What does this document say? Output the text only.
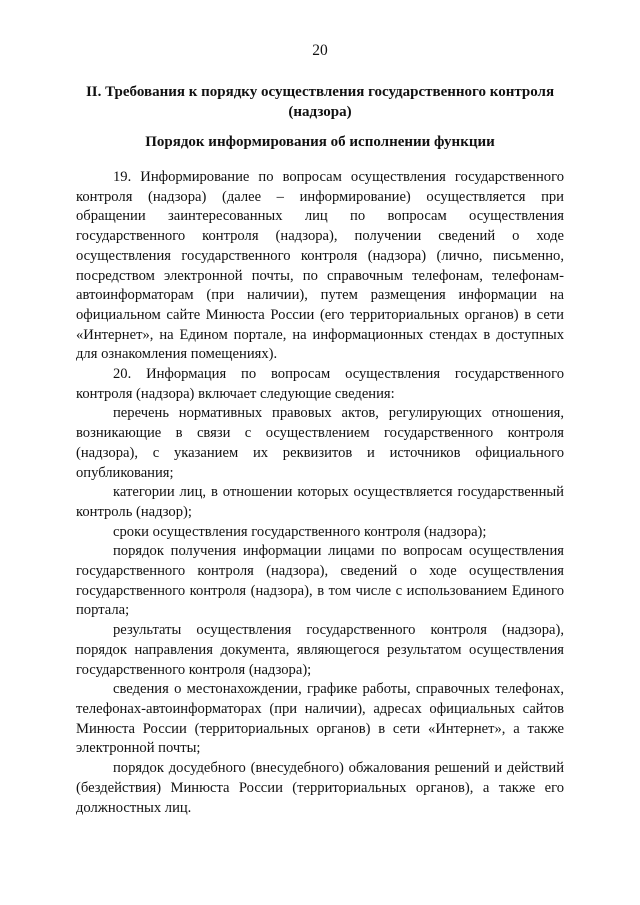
20
II. Требования к порядку осуществления государственного контроля (надзора)
Порядок информирования об исполнении функции

19. Информирование по вопросам осуществления государственного контроля (надзора) (далее – информирование) осуществляется при обращении заинтересованных лиц по вопросам осуществления государственного контроля (надзора), получении сведений о ходе осуществления государственного контроля (надзора) (лично, письменно, посредством электронной почты, по справочным телефонам, телефонам-автоинформаторам (при наличии), путем размещения информации на официальном сайте Минюста России (его территориальных органов) в сети «Интернет», на Едином портале, на информационных стендах в доступных для ознакомления помещениях).

20. Информация по вопросам осуществления государственного контроля (надзора) включает следующие сведения:

перечень нормативных правовых актов, регулирующих отношения, возникающие в связи с осуществлением государственного контроля (надзора), с указанием их реквизитов и источников официального опубликования;

категории лиц, в отношении которых осуществляется государственный контроль (надзор);

сроки осуществления государственного контроля (надзора);

порядок получения информации лицами по вопросам осуществления государственного контроля (надзора), сведений о ходе осуществления государственного контроля (надзора), в том числе с использованием Единого портала;

результаты осуществления государственного контроля (надзора), порядок направления документа, являющегося результатом осуществления государственного контроля (надзора);

сведения о местонахождении, графике работы, справочных телефонах, телефонах-автоинформаторах (при наличии), адресах официальных сайтов Минюста России (территориальных органов) в сети «Интернет», а также электронной почты;

порядок досудебного (внесудебного) обжалования решений и действий (бездействия) Минюста России (территориальных органов), а также его должностных лиц.
